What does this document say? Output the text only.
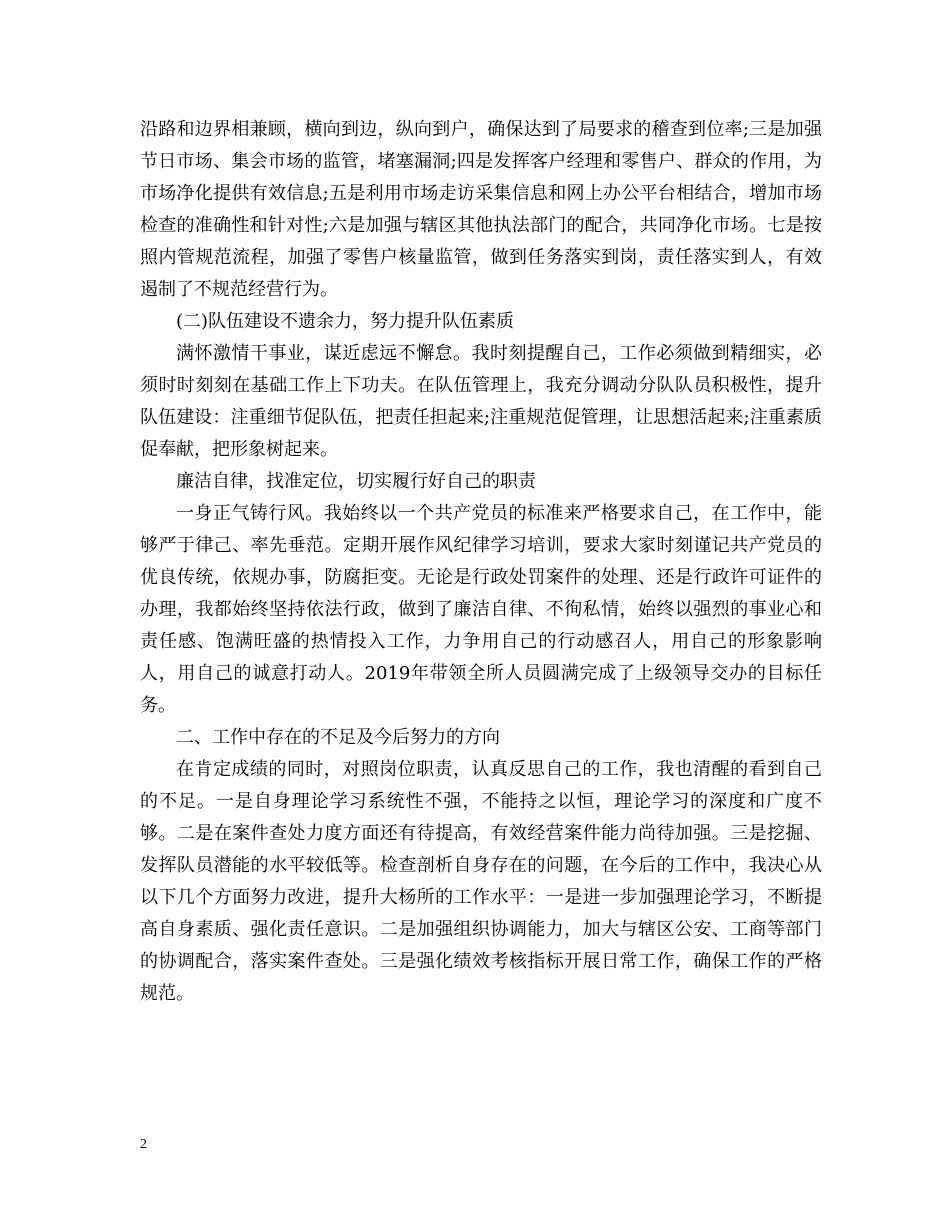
沿路和边界相兼顾，横向到边，纵向到户，确保达到了局要求的稽查到位率;三是加强节日市场、集会市场的监管，堵塞漏洞;四是发挥客户经理和零售户、群众的作用，为市场净化提供有效信息;五是利用市场走访采集信息和网上办公平台相结合，增加市场检查的准确性和针对性;六是加强与辖区其他执法部门的配合，共同净化市场。七是按照内管规范流程，加强了零售户核量监管，做到任务落实到岗，责任落实到人，有效遏制了不规范经营行为。

(二)队伍建设不遗余力，努力提升队伍素质

满怀激情干事业，谋近虑远不懈怠。我时刻提醒自己，工作必须做到精细实，必须时时刻刻在基础工作上下功夫。在队伍管理上，我充分调动分队队员积极性，提升队伍建设：注重细节促队伍，把责任担起来;注重规范促管理，让思想活起来;注重素质促奉献，把形象树起来。

廉洁自律，找准定位，切实履行好自己的职责

一身正气铸行风。我始终以一个共产党员的标准来严格要求自己，在工作中，能够严于律己、率先垂范。定期开展作风纪律学习培训，要求大家时刻谨记共产党员的优良传统，依规办事，防腐拒变。无论是行政处罚案件的处理、还是行政许可证件的办理，我都始终坚持依法行政，做到了廉洁自律、不徇私情，始终以强烈的事业心和责任感、饱满旺盛的热情投入工作，力争用自己的行动感召人，用自己的形象影响人，用自己的诚意打动人。2019年带领全所人员圆满完成了上级领导交办的目标任务。

二、工作中存在的不足及今后努力的方向

在肯定成绩的同时，对照岗位职责，认真反思自己的工作，我也清醒的看到自己的不足。一是自身理论学习系统性不强，不能持之以恒，理论学习的深度和广度不够。二是在案件查处力度方面还有待提高，有效经营案件能力尚待加强。三是挖掘、发挥队员潜能的水平较低等。检查剖析自身存在的问题，在今后的工作中，我决心从以下几个方面努力改进，提升大杨所的工作水平：一是进一步加强理论学习，不断提高自身素质、强化责任意识。二是加强组织协调能力，加大与辖区公安、工商等部门的协调配合，落实案件查处。三是强化绩效考核指标开展日常工作，确保工作的严格规范。

2
